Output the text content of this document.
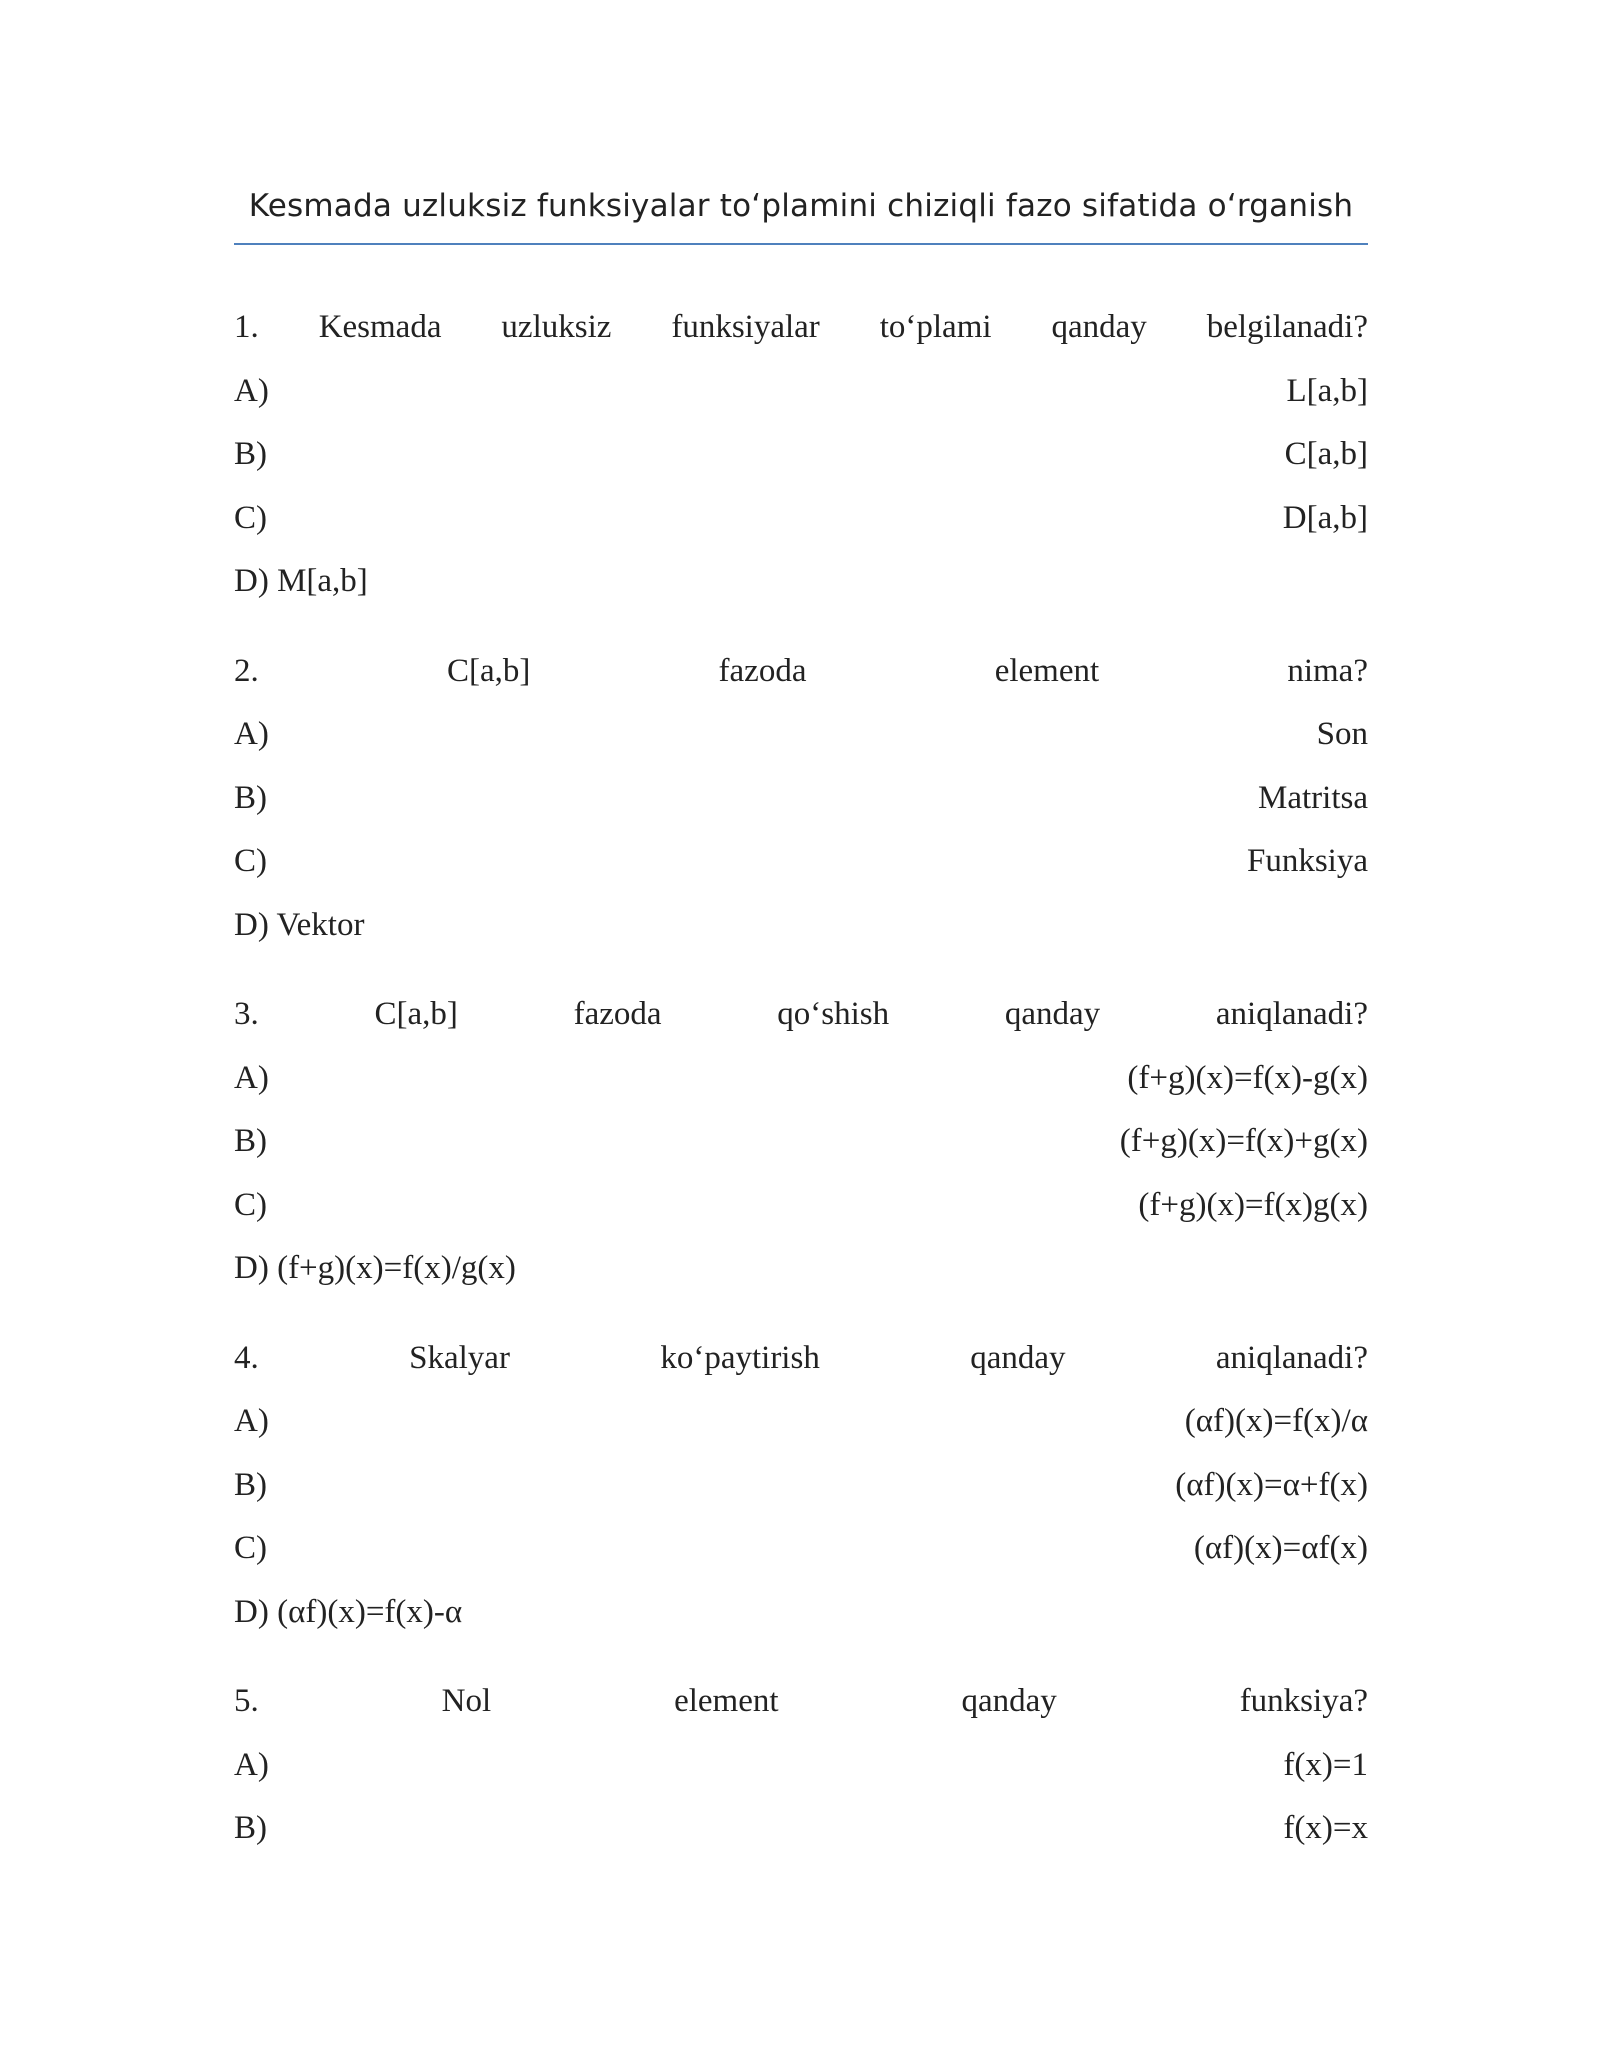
Kesmada uzluksiz funksiyalar toʻplamini chiziqli fazo sifatida oʻrganish
1. Kesmada uzluksiz funksiyalar toʻplami qanday belgilanadi?
A)	L[a,b]
B)	C[a,b]
C)	D[a,b]
D) M[a,b]
2.	C[a,b]	fazoda	element	nima?
A)	Son
B)	Matritsa
C)	Funksiya
D) Vektor
3.	C[a,b]	fazoda	qoʻshish	qanday	aniqlanadi?
A)	(f+g)(x)=f(x)-g(x)
B)	(f+g)(x)=f(x)+g(x)
C)	(f+g)(x)=f(x)g(x)
D) (f+g)(x)=f(x)/g(x)
4.	Skalyar	koʻpaytirish	qanday	aniqlanadi?
A)	(αf)(x)=f(x)/α
B)	(αf)(x)=α+f(x)
C)	(αf)(x)=αf(x)
D) (αf)(x)=f(x)-α
5.	Nol	element	qanday	funksiya?
A)	f(x)=1
B)	f(x)=x
